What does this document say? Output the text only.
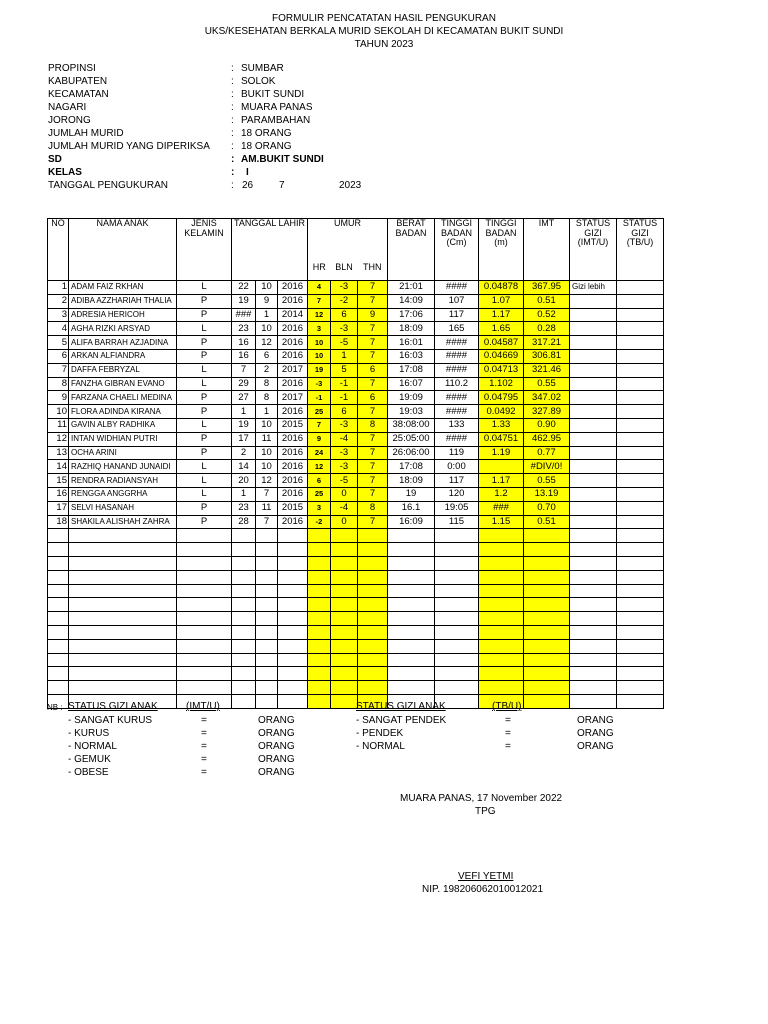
FORMULIR PENCATATAN HASIL PENGUKURAN
UKS/KESEHATAN BERKALA MURID SEKOLAH DI KECAMATAN BUKIT SUNDI
TAHUN 2023
PROPINSI	: SUMBAR
KABUPATEN	: SOLOK
KECAMATAN	: BUKIT SUNDI
NAGARI	: MUARA PANAS
JORONG	: PARAMBAHAN
JUMLAH MURID	: 18 ORANG
JUMLAH MURID YANG DIPERIKSA : 18 ORANG
SD	: AM.BUKIT SUNDI
KELAS	: I
TANGGAL PENGUKURAN	: 26	7	2023
NO	NAMA ANAK	JENIS KELAMIN	TANGGAL LAHIR			UMUR			BERAT BADAN	TINGGI BADAN (Cm)	TINGGI BADAN (m)	IMT	STATUS GIZI (IMT/U)	STATUS GIZI (TB/U)
						HR	BLN	THN						
1	ADAM FAIZ RKHAN	L	22	10	2016	4	-3	7	21:01	####	0.04878	367.95	Gizi lebih	
2	ADIBA AZZHARIAH THALIA	P	19	9	2016	7	-2	7	14:09	107	1.07	0.51		
3	ADRESIA HERICOH	P	###	1	2014	12	6	9	17:06	117	1.17	0.52		
4	AGHA RIZKI ARSYAD	L	23	10	2016	3	-3	7	18:09	165	1.65	0.28		
5	ALIFA BARRAH AZJADINA	P	16	12	2016	10	-5	7	16:01	####	0.04587	317.21		
6	ARKAN ALFIANDRA	P	16	6	2016	10	1	7	16:03	####	0.04669	306.81		
7	DAFFA FEBRYZAL	L	7	2	2017	19	5	6	17:08	####	0.04713	321.46		
8	FANZHA GIBRAN EVANO	L	29	8	2016	-3	-1	7	16:07	110.2	1.102	0.55		
9	FARZANA CHAELI MEDINA	P	27	8	2017	-1	-1	6	19:09	####	0.04795	347.02		
10	FLORA ADINDA KIRANA	P	1	1	2016	25	6	7	19:03	####	0.0492	327.89		
11	GAVIN ALBY RADHIKA	L	19	10	2015	7	-3	8	38:08:00	133	1.33	0.90		
12	INTAN WIDHIAN PUTRI	P	17	11	2016	9	-4	7	25:05:00	####	0.04751	462.95		
13	OCHA ARINI	P	2	10	2016	24	-3	7	26:06:00	119	1.19	0.77		
14	RAZHIQ HANAND JUNAIDI	L	14	10	2016	12	-3	7	17:08	0:00		#DIV/0!		
15	RENDRA RADIANSYAH	L	20	12	2016	6	-5	7	18:09	117	1.17	0.55		
16	RENGGA ANGGRHA	L	1	7	2016	25	0	7	19	120	1.2	13.19		
17	SELVI HASANAH	P	23	11	2015	3	-4	8	16.1	19:05	###	0.70		
18	SHAKILA ALISHAH ZAHRA	P	28	7	2016	-2	0	7	16:09	115	1.15	0.51		

NB : STATUS GIZI ANAK	(IMT/U)
- SANGAT KURUS	=	ORANG
- KURUS	=	ORANG
- NORMAL	=	ORANG
- GEMUK	=	ORANG
- OBESE	=	ORANG
STATUS GIZI ANAK	(TB/U)
- SANGAT PENDEK	=	ORANG
- PENDEK	=	ORANG
- NORMAL	=	ORANG
MUARA PANAS, 17 November 2022
TPG
VEFI YETMI
NIP. 198206062010012021
